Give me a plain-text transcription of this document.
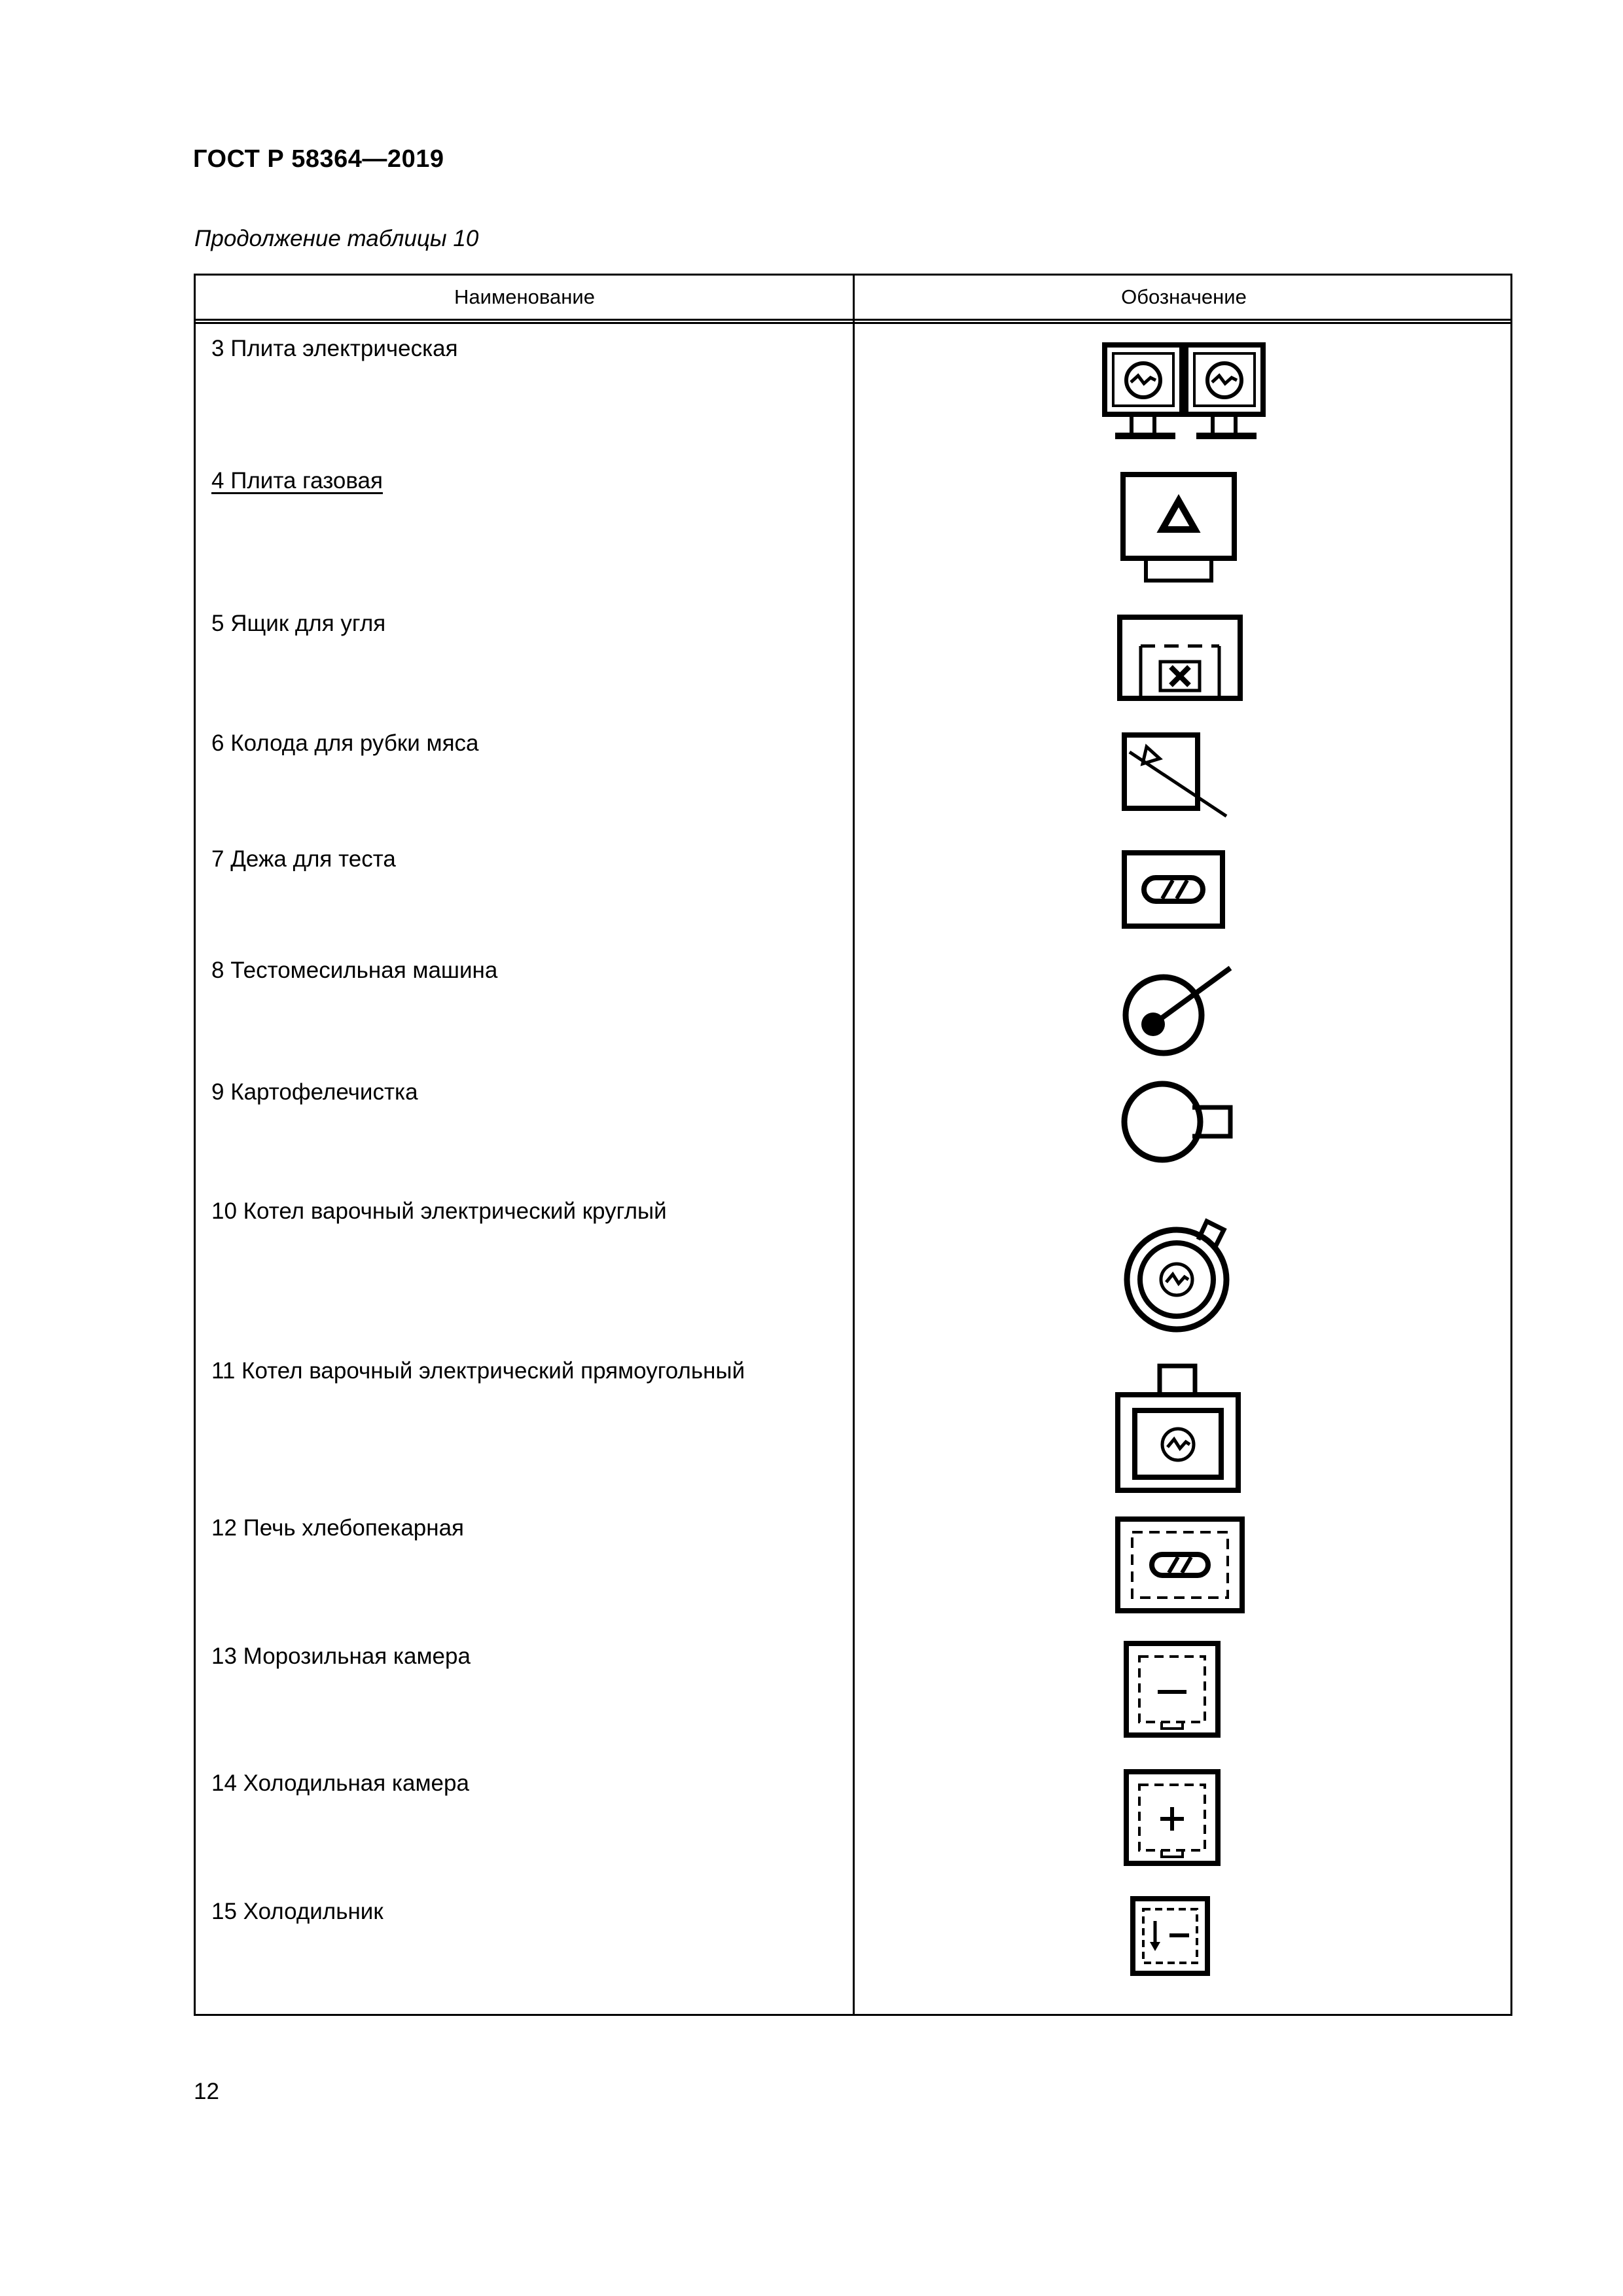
ГОСТ Р 58364—2019
Продолжение таблицы 10
Наименование	Обозначение
3 Плита электрическая
4 Плита газовая
5 Ящик для угля
6 Колода для рубки мяса
7 Дежа для теста
8 Тестомесильная машина
9 Картофелечистка
10 Котел варочный электрический круглый
11 Котел варочный электрический прямоугольный
12 Печь хлебопекарная
13 Морозильная камера
14 Холодильная камера
15 Холодильник
12
